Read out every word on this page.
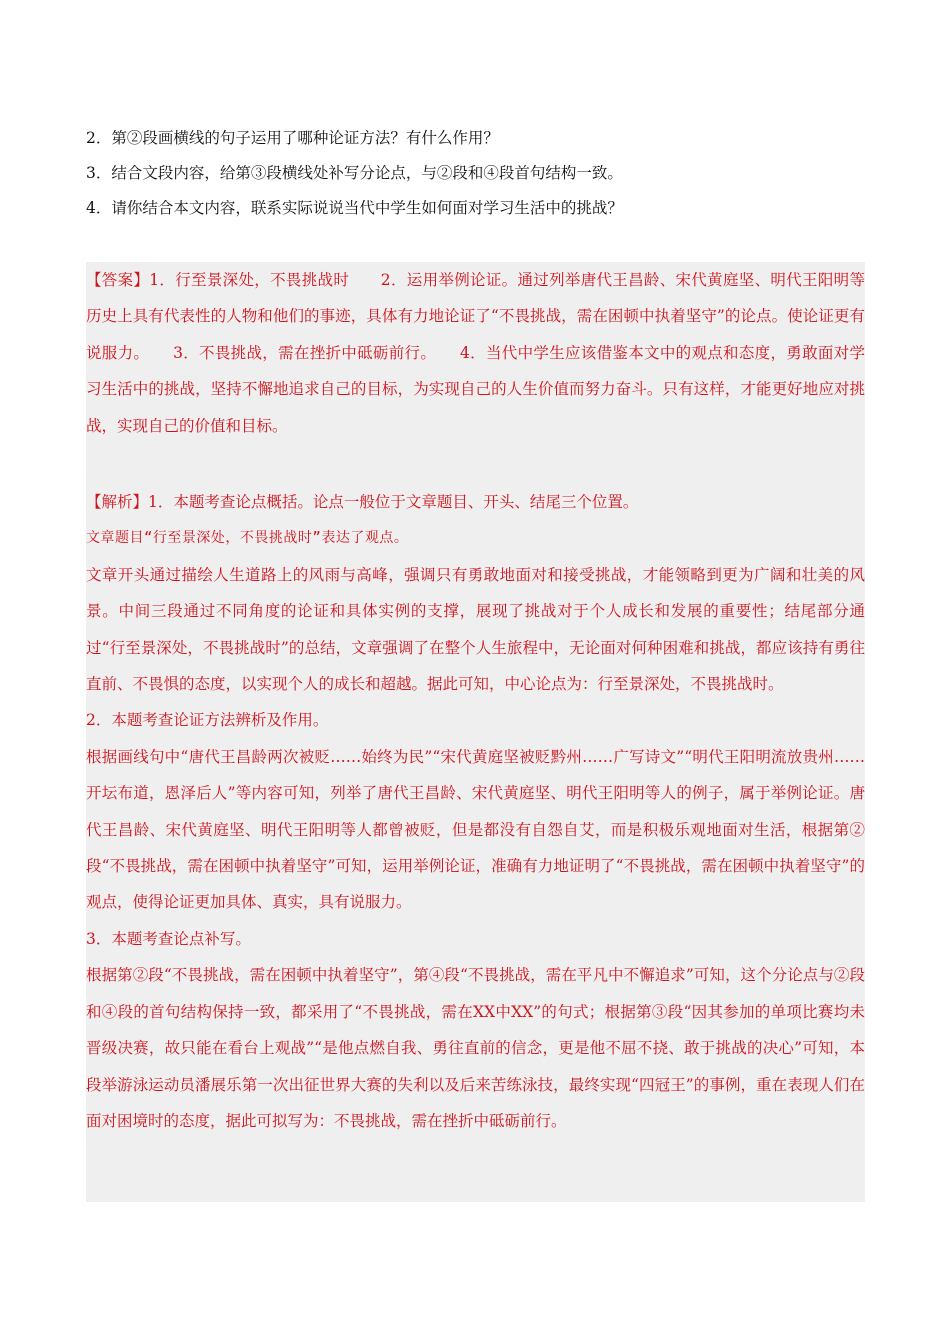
2．第②段画横线的句子运用了哪种论证方法？有什么作用？
3．结合文段内容，给第③段横线处补写分论点，与②段和④段首句结构一致。
4．请你结合本文内容，联系实际说说当代中学生如何面对学习生活中的挑战？

【答案】1．行至景深处，不畏挑战时　　2．运用举例论证。通过列举唐代王昌龄、宋代黄庭坚、明代王阳明等历史上具有代表性的人物和他们的事迹，具体有力地论证了“不畏挑战，需在困顿中执着坚守”的论点。使论证更有说服力。　　3．不畏挑战，需在挫折中砥砺前行。　　4．当代中学生应该借鉴本文中的观点和态度，勇敢面对学习生活中的挑战，坚持不懈地追求自己的目标，为实现自己的人生价值而努力奋斗。只有这样，才能更好地应对挑战，实现自己的价值和目标。

【解析】1．本题考查论点概括。论点一般位于文章题目、开头、结尾三个位置。

文章题目“行至景深处，不畏挑战时”表达了观点。

文章开头通过描绘人生道路上的风雨与高峰，强调只有勇敢地面对和接受挑战，才能领略到更为广阔和壮美的风景。中间三段通过不同角度的论证和具体实例的支撑，展现了挑战对于个人成长和发展的重要性；结尾部分通过“行至景深处，不畏挑战时”的总结，文章强调了在整个人生旅程中，无论面对何种困难和挑战，都应该持有勇往直前、不畏惧的态度，以实现个人的成长和超越。据此可知，中心论点为：行至景深处，不畏挑战时。

2．本题考查论证方法辨析及作用。

根据画线句中“唐代王昌龄两次被贬……始终为民”“宋代黄庭坚被贬黔州……广写诗文”“明代王阳明流放贵州……开坛布道，恩泽后人”等内容可知，列举了唐代王昌龄、宋代黄庭坚、明代王阳明等人的例子，属于举例论证。唐代王昌龄、宋代黄庭坚、明代王阳明等人都曾被贬，但是都没有自怨自艾，而是积极乐观地面对生活，根据第②段“不畏挑战，需在困顿中执着坚守”可知，运用举例论证，准确有力地证明了“不畏挑战，需在困顿中执着坚守”的观点，使得论证更加具体、真实，具有说服力。

3．本题考查论点补写。

根据第②段“不畏挑战，需在困顿中执着坚守”，第④段“不畏挑战，需在平凡中不懈追求”可知，这个分论点与②段和④段的首句结构保持一致，都采用了“不畏挑战，需在XX中XX”的句式；根据第③段“因其参加的单项比赛均未晋级决赛，故只能在看台上观战”“是他点燃自我、勇往直前的信念，更是他不屈不挠、敢于挑战的决心”可知，本段举游泳运动员潘展乐第一次出征世界大赛的失利以及后来苦练泳技，最终实现“四冠王”的事例，重在表现人们在面对困境时的态度，据此可拟写为：不畏挑战，需在挫折中砥砺前行。
